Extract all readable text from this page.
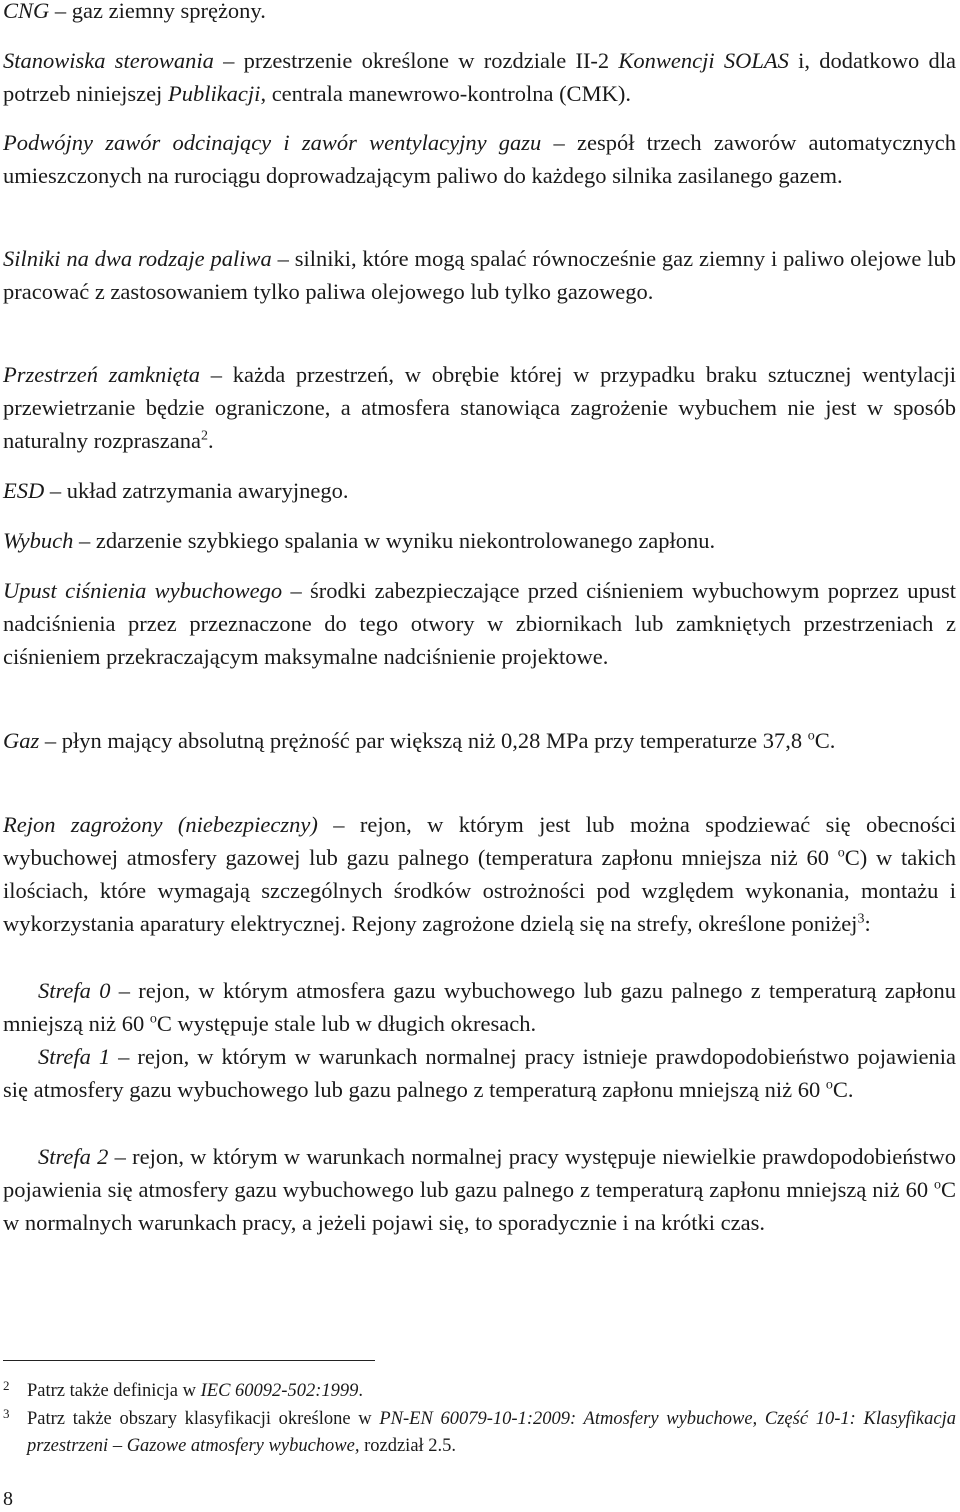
CNG – gaz ziemny sprężony.

Stanowiska sterowania – przestrzenie określone w rozdziale II-2 Konwencji SOLAS i, dodatkowo dla potrzeb niniejszej Publikacji, centrala manewrowo-kontrolna (CMK).

Podwójny zawór odcinający i zawór wentylacyjny gazu – zespół trzech zaworów automatycznych umieszczonych na rurociągu doprowadzającym paliwo do każdego silnika zasilanego gazem.

Silniki na dwa rodzaje paliwa – silniki, które mogą spalać równocześnie gaz ziemny i paliwo olejowe lub pracować z zastosowaniem tylko paliwa olejowego lub tylko gazowego.

Przestrzeń zamknięta – każda przestrzeń, w obrębie której w przypadku braku sztucznej wentylacji przewietrzanie będzie ograniczone, a atmosfera stanowiąca zagrożenie wybuchem nie jest w sposób naturalny rozpraszana$^2$.

ESD – układ zatrzymania awaryjnego.

Wybuch – zdarzenie szybkiego spalania w wyniku niekontrolowanego zapłonu.

Upust ciśnienia wybuchowego – środki zabezpieczające przed ciśnieniem wybuchowym poprzez upust nadciśnienia przez przeznaczone do tego otwory w zbiornikach lub zamkniętych przestrzeniach z ciśnieniem przekraczającym maksymalne nadciśnienie projektowe.

Gaz – płyn mający absolutną prężność par większą niż 0,28 MPa przy temperaturze 37,8 $^o$C.

Rejon zagrożony (niebezpieczny) – rejon, w którym jest lub można spodziewać się obecności wybuchowej atmosfery gazowej lub gazu palnego (temperatura zapłonu mniejsza niż 60 $^o$C) w takich ilościach, które wymagają szczególnych środków ostrożności pod względem wykonania, montażu i wykorzystania aparatury elektrycznej. Rejony zagrożone dzielą się na strefy, określone poniżej$^3$:

Strefa 0 – rejon, w którym atmosfera gazu wybuchowego lub gazu palnego z temperaturą zapłonu mniejszą niż 60 $^o$C występuje stale lub w długich okresach.

Strefa 1 – rejon, w którym w warunkach normalnej pracy istnieje prawdopodobieństwo pojawienia się atmosfery gazu wybuchowego lub gazu palnego z temperaturą zapłonu mniejszą niż 60 $^o$C.

Strefa 2 – rejon, w którym w warunkach normalnej pracy występuje niewielkie prawdopodobieństwo pojawienia się atmosfery gazu wybuchowego lub gazu palnego z temperaturą zapłonu mniejszą niż 60 $^o$C w normalnych warunkach pracy, a jeżeli pojawi się, to sporadycznie i na krótki czas.

2 Patrz także definicja w IEC 60092-502:1999.

3 Patrz także obszary klasyfikacji określone w PN-EN 60079-10-1:2009: Atmosfery wybuchowe, Część 10-1: Klasyfikacja przestrzeni – Gazowe atmosfery wybuchowe, rozdział 2.5.

8
